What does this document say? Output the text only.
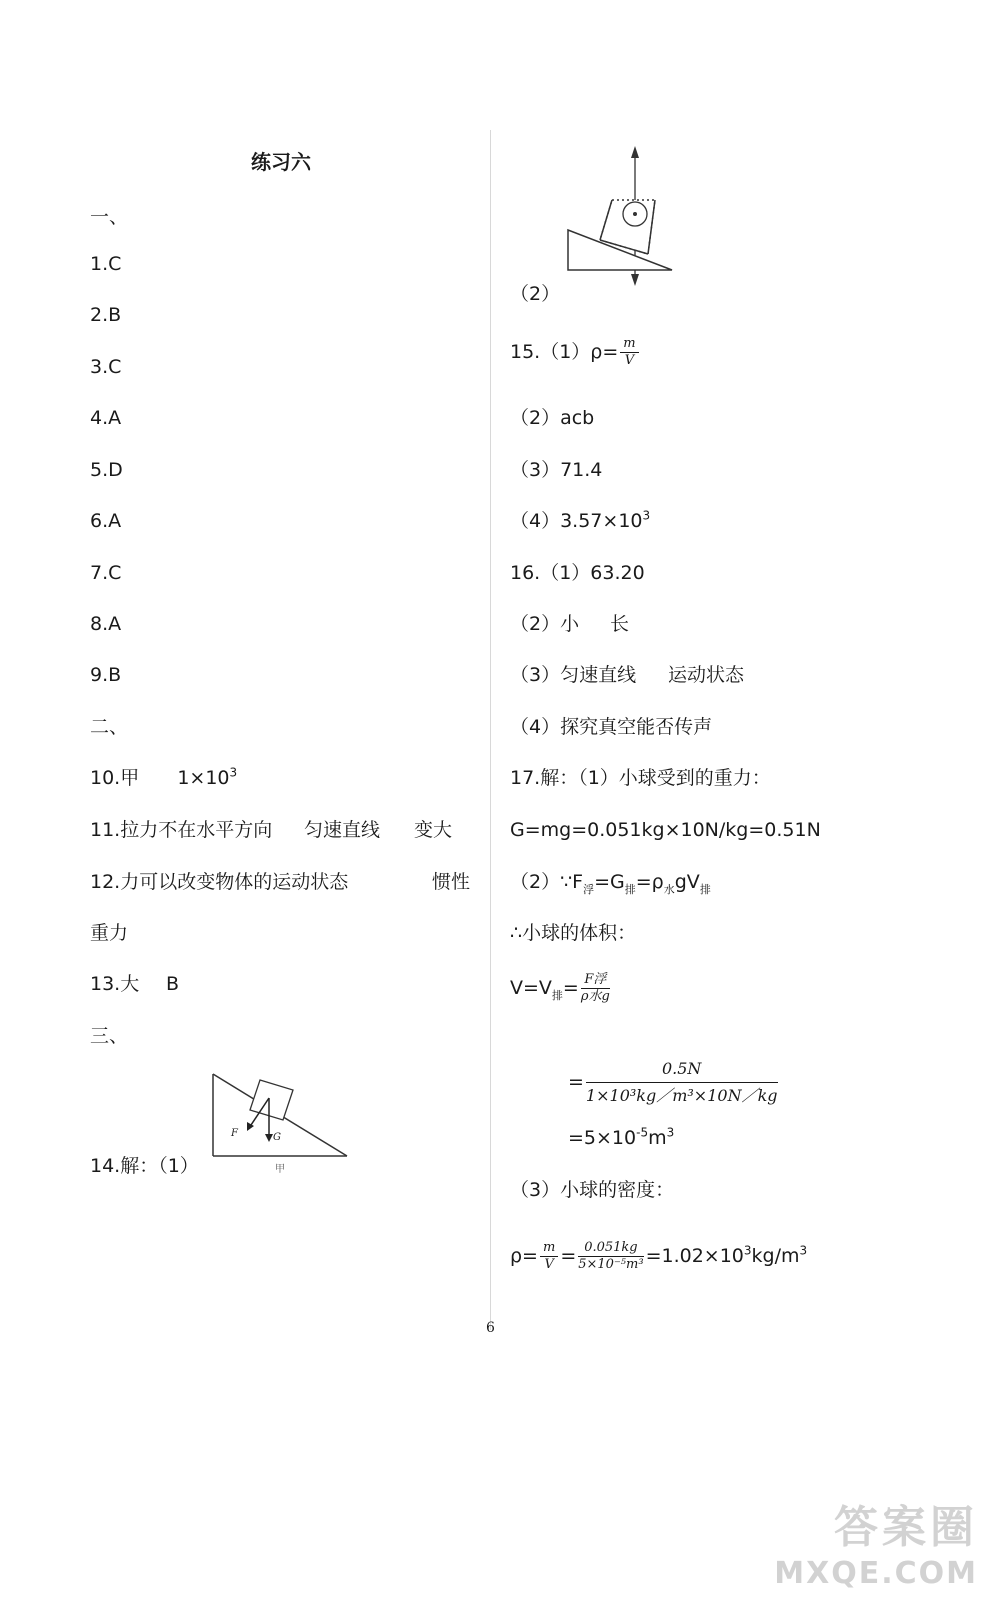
练习六
一、
1.C
2.B
3.C
4.A
5.D
6.A
7.C
8.A
9.B
二、
10.甲 $1\times 10^3$
11.拉力不在水平方向 匀速直线 变大
12.力可以改变物体的运动状态	惯性
重力
13.大 B
三、
F	G
甲
14.解：（1）
（2）
$15.(1)\rho= \frac{m}{V}$
（2）acb
（3）71.4
$(4)3.57\times 10^3$
16.（1）63.20
（2）小 长
（3）匀速直线 运动状态
（4）探究真空能否传声
17.解：（1）小球受到的重力：
G=mg=0.051kg×10N/kg=0.51N
$(2)\because F_浮=G_排=\rho_水gV_排$
∴小球的体积：
$V=V_排= \frac{\text{F浮}}{\text{ρ水g}}$
= $\frac{0.5N}{\text{1×10³kg／m³×10N／kg}}$
$=5\times 10^{-5}m^3$
（3）小球的密度：
$\rho= \frac{m}{V} = \frac{0.051kg}{\text{5×10⁻⁵m³}} =1.02\times 10^3kg/m^3$
6
答案圈
MXQE.COM
